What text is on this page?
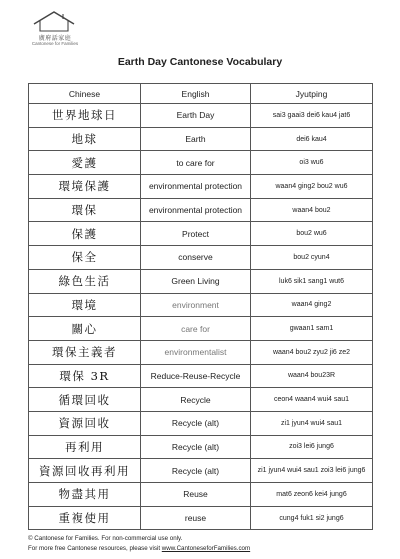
廣府話家庭
Cantonese for Families
Earth Day Cantonese Vocabulary
Chinese	English	Jyutping
世界地球日	Earth Day	sai3 gaai3 dei6 kau4 jat6
地球	Earth	dei6 kau4
愛護	to care for	oi3 wu6
環境保護	environmental protection	waan4 ging2 bou2 wu6
環保	environmental protection	waan4 bou2
保護	Protect	bou2 wu6
保全	conserve	bou2 cyun4
綠色生活	Green Living	luk6 sik1 sang1 wut6
環境	environment	waan4 ging2
關心	care for	gwaan1 sam1
環保主義者	environmentalist	waan4 bou2 zyu2 ji6 ze2
環保 3R	Reduce-Reuse-Recycle	waan4 bou23R
循環回收	Recycle	ceon4 waan4 wui4 sau1
資源回收	Recycle (alt)	zi1 jyun4 wui4 sau1
再利用	Recycle (alt)	zoi3 lei6 jung6
資源回收再利用	Recycle (alt)	zi1 jyun4 wui4 sau1 zoi3 lei6 jung6
物盡其用	Reuse	mat6 zeon6 kei4 jung6
重複使用	reuse	cung4 fuk1 si2 jung6
© Cantonese for Families. For non-commercial use only.
For more free Cantonese resources, please visit www.CantoneseforFamilies.com
